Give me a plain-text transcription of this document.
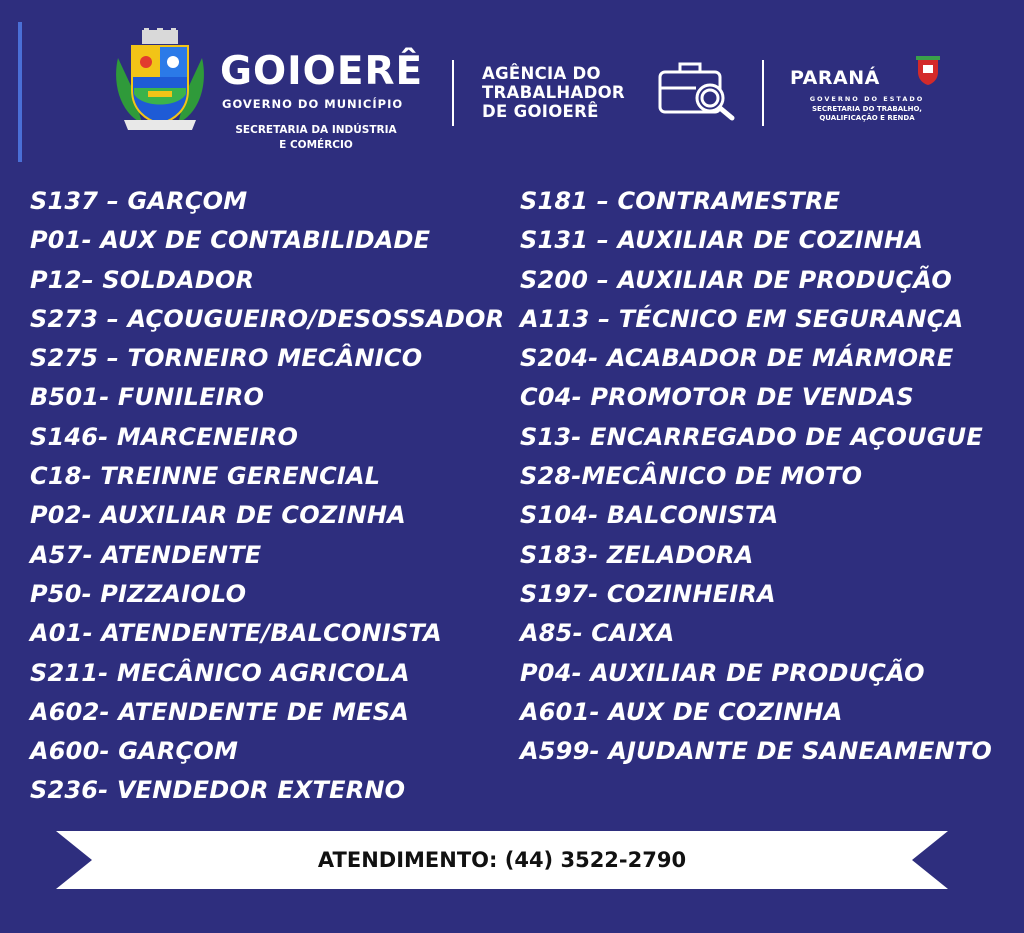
GOIOERÊ
GOVERNO DO MUNICÍPIO
SECRETARIA DA INDÚSTRIA
E COMÉRCIO
AGÊNCIA DO
TRABALHADOR
DE GOIOERÊ
PARANÁ
GOVERNO DO ESTADO
SECRETARIA DO TRABALHO,
QUALIFICAÇÃO E RENDA
S137 – GARÇOM
P01- AUX DE CONTABILIDADE
P12– SOLDADOR
S273 – AÇOUGUEIRO/DESOSSADOR
S275 – TORNEIRO MECÂNICO
B501- FUNILEIRO
S146- MARCENEIRO
C18- TREINNE GERENCIAL
P02- AUXILIAR DE COZINHA
A57- ATENDENTE
P50- PIZZAIOLO
A01- ATENDENTE/BALCONISTA
S211- MECÂNICO AGRICOLA
A602- ATENDENTE DE MESA
A600- GARÇOM
S236- VENDEDOR EXTERNO
S181 – CONTRAMESTRE
S131 – AUXILIAR DE COZINHA
S200 – AUXILIAR DE PRODUÇÃO
A113 – TÉCNICO EM SEGURANÇA
S204- ACABADOR DE MÁRMORE
C04- PROMOTOR DE VENDAS
S13- ENCARREGADO DE AÇOUGUE
S28-MECÂNICO DE MOTO
S104- BALCONISTA
S183- ZELADORA
S197- COZINHEIRA
A85- CAIXA
P04- AUXILIAR DE PRODUÇÃO
A601- AUX DE COZINHA
A599- AJUDANTE DE SANEAMENTO
ATENDIMENTO: (44) 3522-2790
